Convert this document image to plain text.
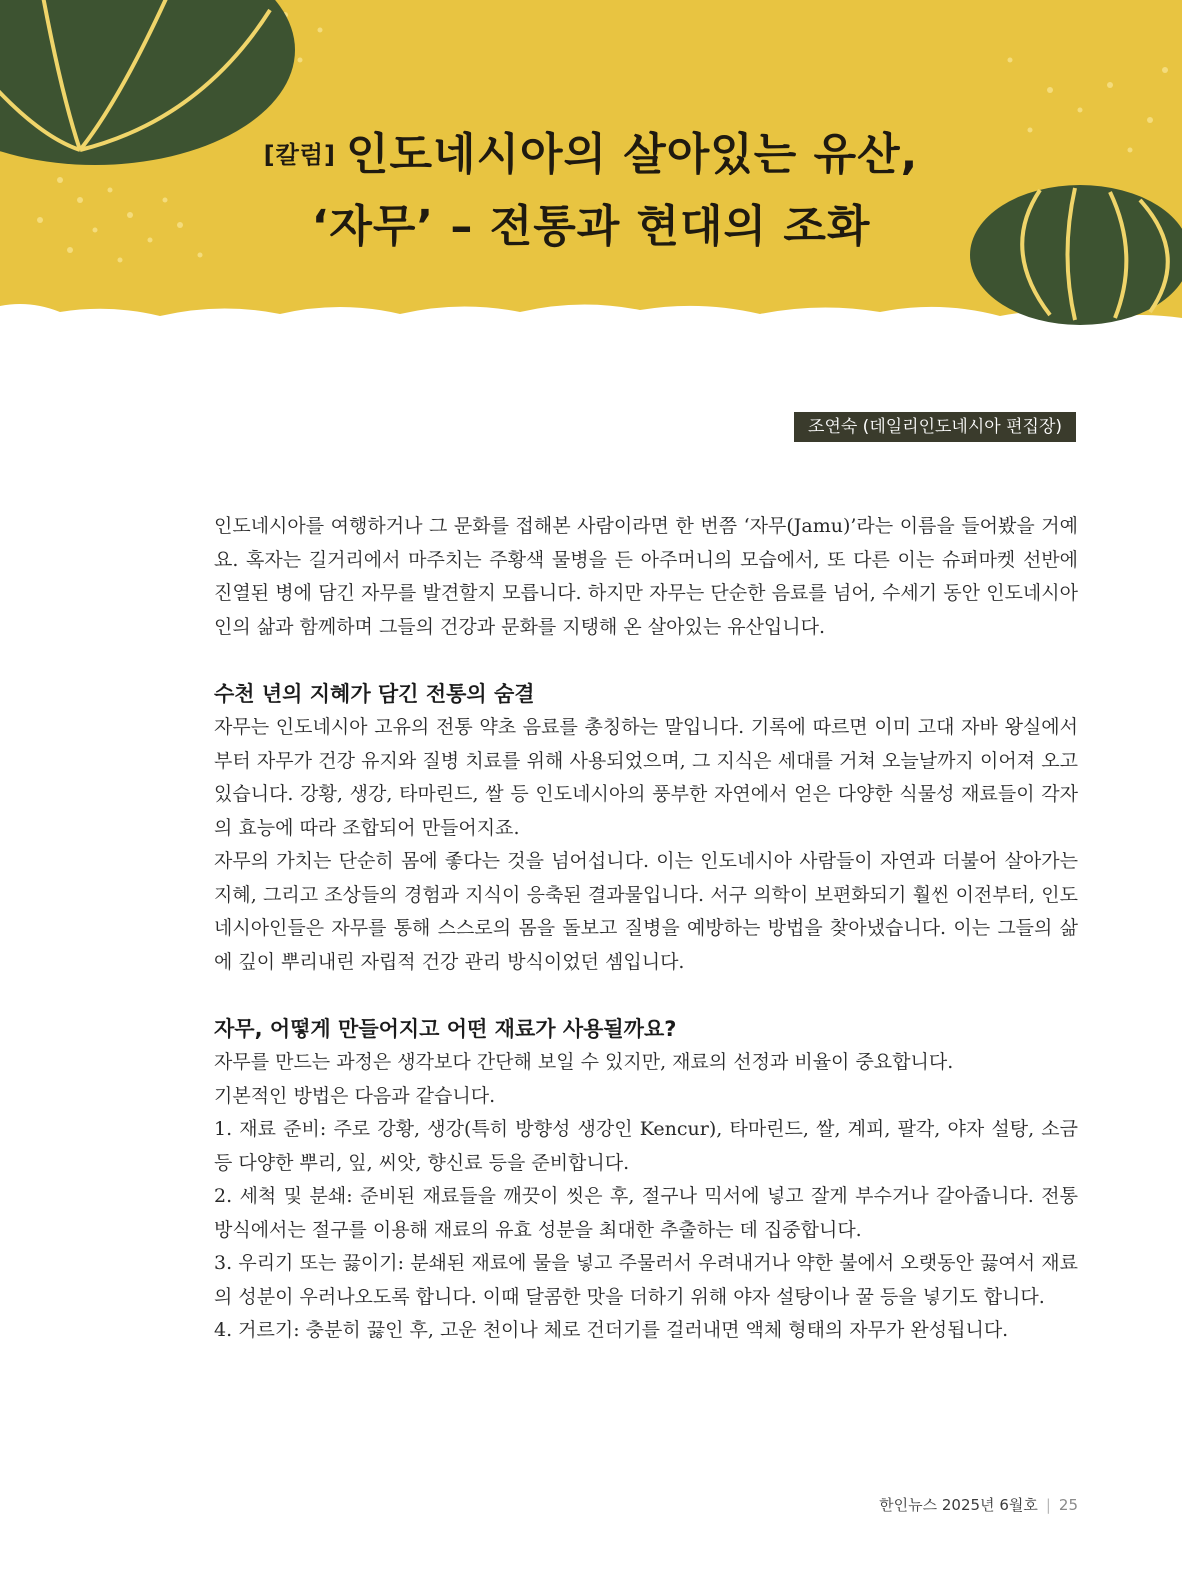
[칼럼] 인도네시아의 살아있는 유산,
‘자무’ – 전통과 현대의 조화
조연숙 (데일리인도네시아 편집장)

인도네시아를 여행하거나 그 문화를 접해본 사람이라면 한 번쯤 ‘자무(Jamu)’라는 이름을 들어봤을 거예요. 혹자는 길거리에서 마주치는 주황색 물병을 든 아주머니의 모습에서, 또 다른 이는 슈퍼마켓 선반에 진열된 병에 담긴 자무를 발견할지 모릅니다. 하지만 자무는 단순한 음료를 넘어, 수세기 동안 인도네시아인의 삶과 함께하며 그들의 건강과 문화를 지탱해 온 살아있는 유산입니다.

수천 년의 지혜가 담긴 전통의 숨결

자무는 인도네시아 고유의 전통 약초 음료를 총칭하는 말입니다. 기록에 따르면 이미 고대 자바 왕실에서부터 자무가 건강 유지와 질병 치료를 위해 사용되었으며, 그 지식은 세대를 거쳐 오늘날까지 이어져 오고 있습니다. 강황, 생강, 타마린드, 쌀 등 인도네시아의 풍부한 자연에서 얻은 다양한 식물성 재료들이 각자의 효능에 따라 조합되어 만들어지죠.

자무의 가치는 단순히 몸에 좋다는 것을 넘어섭니다. 이는 인도네시아 사람들이 자연과 더불어 살아가는 지혜, 그리고 조상들의 경험과 지식이 응축된 결과물입니다. 서구 의학이 보편화되기 훨씬 이전부터, 인도네시아인들은 자무를 통해 스스로의 몸을 돌보고 질병을 예방하는 방법을 찾아냈습니다. 이는 그들의 삶에 깊이 뿌리내린 자립적 건강 관리 방식이었던 셈입니다.

자무, 어떻게 만들어지고 어떤 재료가 사용될까요?

자무를 만드는 과정은 생각보다 간단해 보일 수 있지만, 재료의 선정과 비율이 중요합니다.

기본적인 방법은 다음과 같습니다.

1. 재료 준비: 주로 강황, 생강(특히 방향성 생강인 Kencur), 타마린드, 쌀, 계피, 팔각, 야자 설탕, 소금 등 다양한 뿌리, 잎, 씨앗, 향신료 등을 준비합니다.

2. 세척 및 분쇄: 준비된 재료들을 깨끗이 씻은 후, 절구나 믹서에 넣고 잘게 부수거나 갈아줍니다. 전통 방식에서는 절구를 이용해 재료의 유효 성분을 최대한 추출하는 데 집중합니다.

3. 우리기 또는 끓이기: 분쇄된 재료에 물을 넣고 주물러서 우려내거나 약한 불에서 오랫동안 끓여서 재료의 성분이 우러나오도록 합니다. 이때 달콤한 맛을 더하기 위해 야자 설탕이나 꿀 등을 넣기도 합니다.

4. 거르기: 충분히 끓인 후, 고운 천이나 체로 건더기를 걸러내면 액체 형태의 자무가 완성됩니다.

한인뉴스 2025년 6월호 | 25
